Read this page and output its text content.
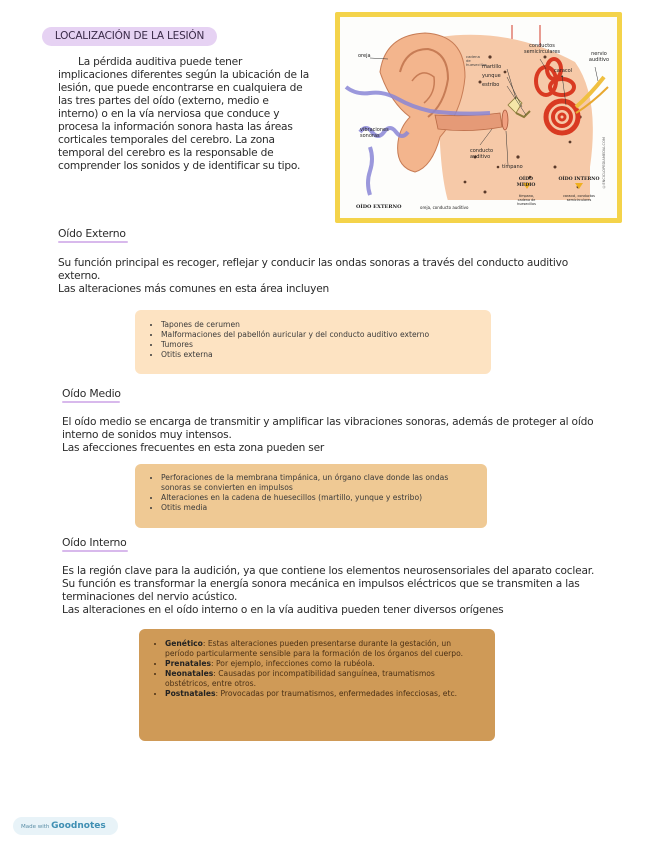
LOCALIZACIÓN DE LA LESIÓN

La pérdida auditiva puede tener
implicaciones diferentes según la ubicación de la
lesión, que puede encontrarse en cualquiera de
las tres partes del oído (externo, medio e
interno) o en la vía nerviosa que conduce y
procesa la información sonora hasta las áreas
corticales temporales del cerebro. La zona
temporal del cerebro es la responsable de
comprender los sonidos y de identificar su tipo.

oreja
martillo
yunque
estribo
conductos semicirculares	nervio auditivo
caracol
vibraciones sonoras
conducto auditivo
tímpano
cadena de huesecillos
©ENCICLOPEDIAMEDIA.COM
OÍDO EXTERNO	oreja, conducto auditivo
OÍDO MEDIO
tímpano, cadena de huesecillos
OÍDO INTERNO
caracol, conductos semicirculares
Oído Externo

Su función principal es recoger, reflejar y conducir las ondas sonoras a través del conducto auditivo
externo.
Las alteraciones más comunes en esta área incluyen

• Tapones de cerumen
• Malformaciones del pabellón auricular y del conducto auditivo externo
• Tumores
• Otitis externa
Oído Medio

El oído medio se encarga de transmitir y amplificar las vibraciones sonoras, además de proteger al oído
interno de sonidos muy intensos.
Las afecciones frecuentes en esta zona pueden ser

• Perforaciones de la membrana timpánica, un órgano clave donde las ondas sonoras se convierten en impulsos
• Alteraciones en la cadena de huesecillos (martillo, yunque y estribo)
• Otitis media
Oído Interno

Es la región clave para la audición, ya que contiene los elementos neurosensoriales del aparato coclear.
Su función es transformar la energía sonora mecánica en impulsos eléctricos que se transmiten a las
terminaciones del nervio acústico.
Las alteraciones en el oído interno o en la vía auditiva pueden tener diversos orígenes

• Genético: Estas alteraciones pueden presentarse durante la gestación, un período particularmente sensible para la formación de los órganos del cuerpo.
• Prenatales: Por ejemplo, infecciones como la rubéola.
• Neonatales: Causadas por incompatibilidad sanguínea, traumatismos obstétricos, entre otros.
• Postnatales: Provocadas por traumatismos, enfermedades infecciosas, etc.
Made with Goodnotes
